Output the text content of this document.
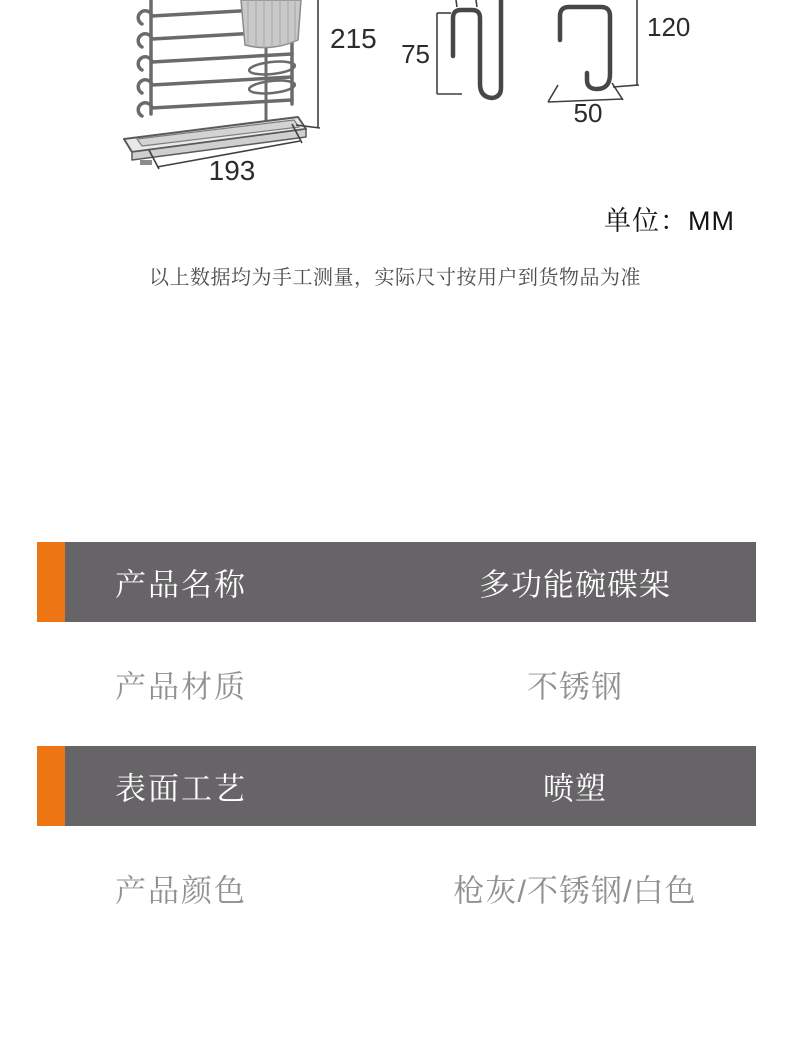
215
193
75
120
50
单位：MM
以上数据均为手工测量，实际尺寸按用户到货物品为准
产品名称	多功能碗碟架
产品材质	不锈钢
表面工艺	喷塑
产品颜色	枪灰/不锈钢/白色
